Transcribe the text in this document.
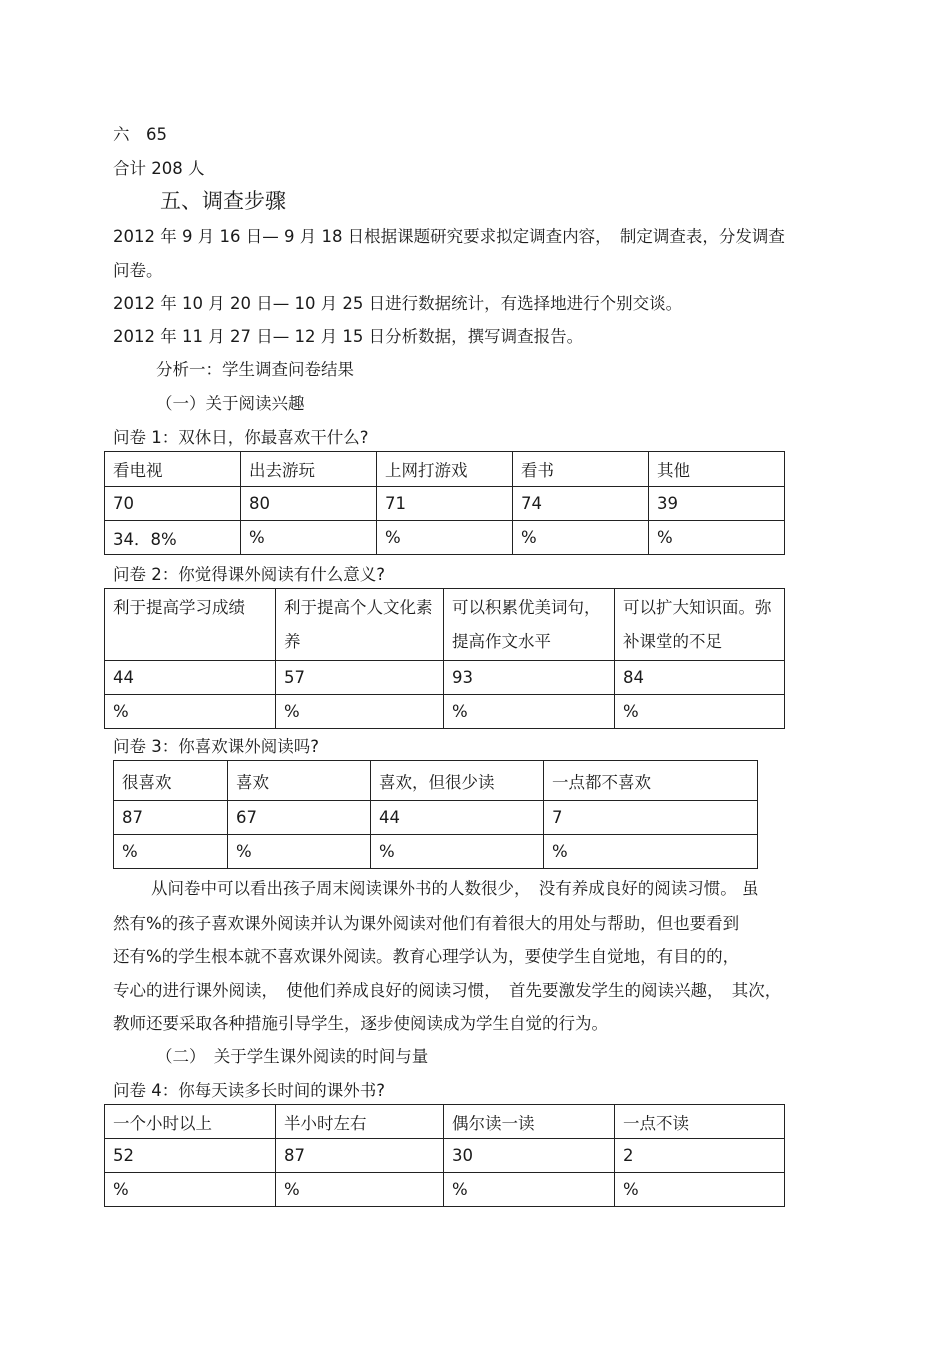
六　65
合计 208 人
五、调查步骤
2012 年 9 月 16 日— 9 月 18 日根据课题研究要求拟定调查内容，　制定调查表，分发调查
问卷。
2012 年 10 月 20 日— 10 月 25 日进行数据统计，有选择地进行个别交谈。
2012 年 11 月 27 日— 12 月 15 日分析数据，撰写调查报告。
分析一：学生调查问卷结果
（一）关于阅读兴趣
问卷 1：双休日，你最喜欢干什么?
看电视	出去游玩	上网打游戏	看书	其他
70	80	71	74	39
34．8%	%	%	%	%
问卷 2：你觉得课外阅读有什么意义?
利于提高学习成绩	利于提高个人文化素养	可以积累优美词句，提高作文水平	可以扩大知识面。弥补课堂的不足
44	57	93	84
%	%	%	%
问卷 3：你喜欢课外阅读吗?
很喜欢	喜欢	喜欢，但很少读	一点都不喜欢
87	67	44	7
%	%	%	%
从问卷中可以看出孩子周末阅读课外书的人数很少，　没有养成良好的阅读习惯。 虽
然有%的孩子喜欢课外阅读并认为课外阅读对他们有着很大的用处与帮助，但也要看到
还有%的学生根本就不喜欢课外阅读。教育心理学认为，要使学生自觉地，有目的的，
专心的进行课外阅读，　使他们养成良好的阅读习惯，　首先要激发学生的阅读兴趣，　其次，
教师还要采取各种措施引导学生，逐步使阅读成为学生自觉的行为。
（二）　关于学生课外阅读的时间与量
问卷 4：你每天读多长时间的课外书?
一个小时以上	半小时左右	偶尔读一读	一点不读
52	87	30	2
%	%	%	%
